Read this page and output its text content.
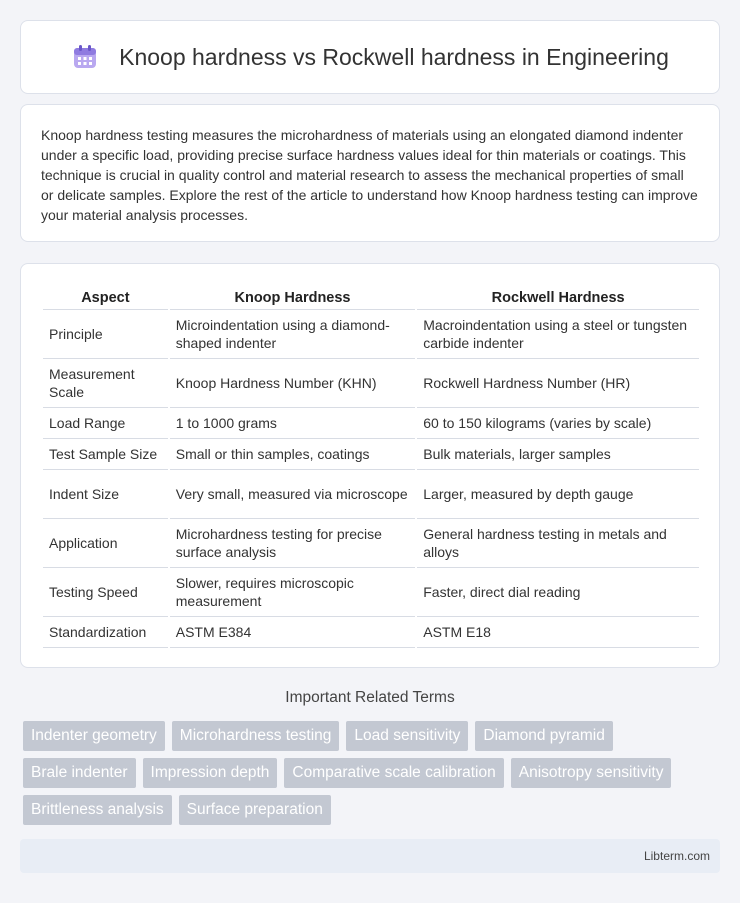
Knoop hardness vs Rockwell hardness in Engineering

Knoop hardness testing measures the microhardness of materials using an elongated diamond indenter under a specific load, providing precise surface hardness values ideal for thin materials or coatings. This technique is crucial in quality control and material research to assess the mechanical properties of small or delicate samples. Explore the rest of the article to understand how Knoop hardness testing can improve your material analysis processes.

Aspect	Knoop Hardness	Rockwell Hardness
Principle	Microindentation using a diamond-shaped indenter	Macroindentation using a steel or tungsten carbide indenter
Measurement Scale	Knoop Hardness Number (KHN)	Rockwell Hardness Number (HR)
Load Range	1 to 1000 grams	60 to 150 kilograms (varies by scale)
Test Sample Size	Small or thin samples, coatings	Bulk materials, larger samples
Indent Size	Very small, measured via microscope	Larger, measured by depth gauge
Application	Microhardness testing for precise surface analysis	General hardness testing in metals and alloys
Testing Speed	Slower, requires microscopic measurement	Faster, direct dial reading
Standardization	ASTM E384	ASTM E18
Important Related Terms
Indenter geometry	Microhardness testing	Load sensitivity	Diamond pyramid
Brale indenter	Impression depth	Comparative scale calibration	Anisotropy sensitivity
Brittleness analysis	Surface preparation
Libterm.com
